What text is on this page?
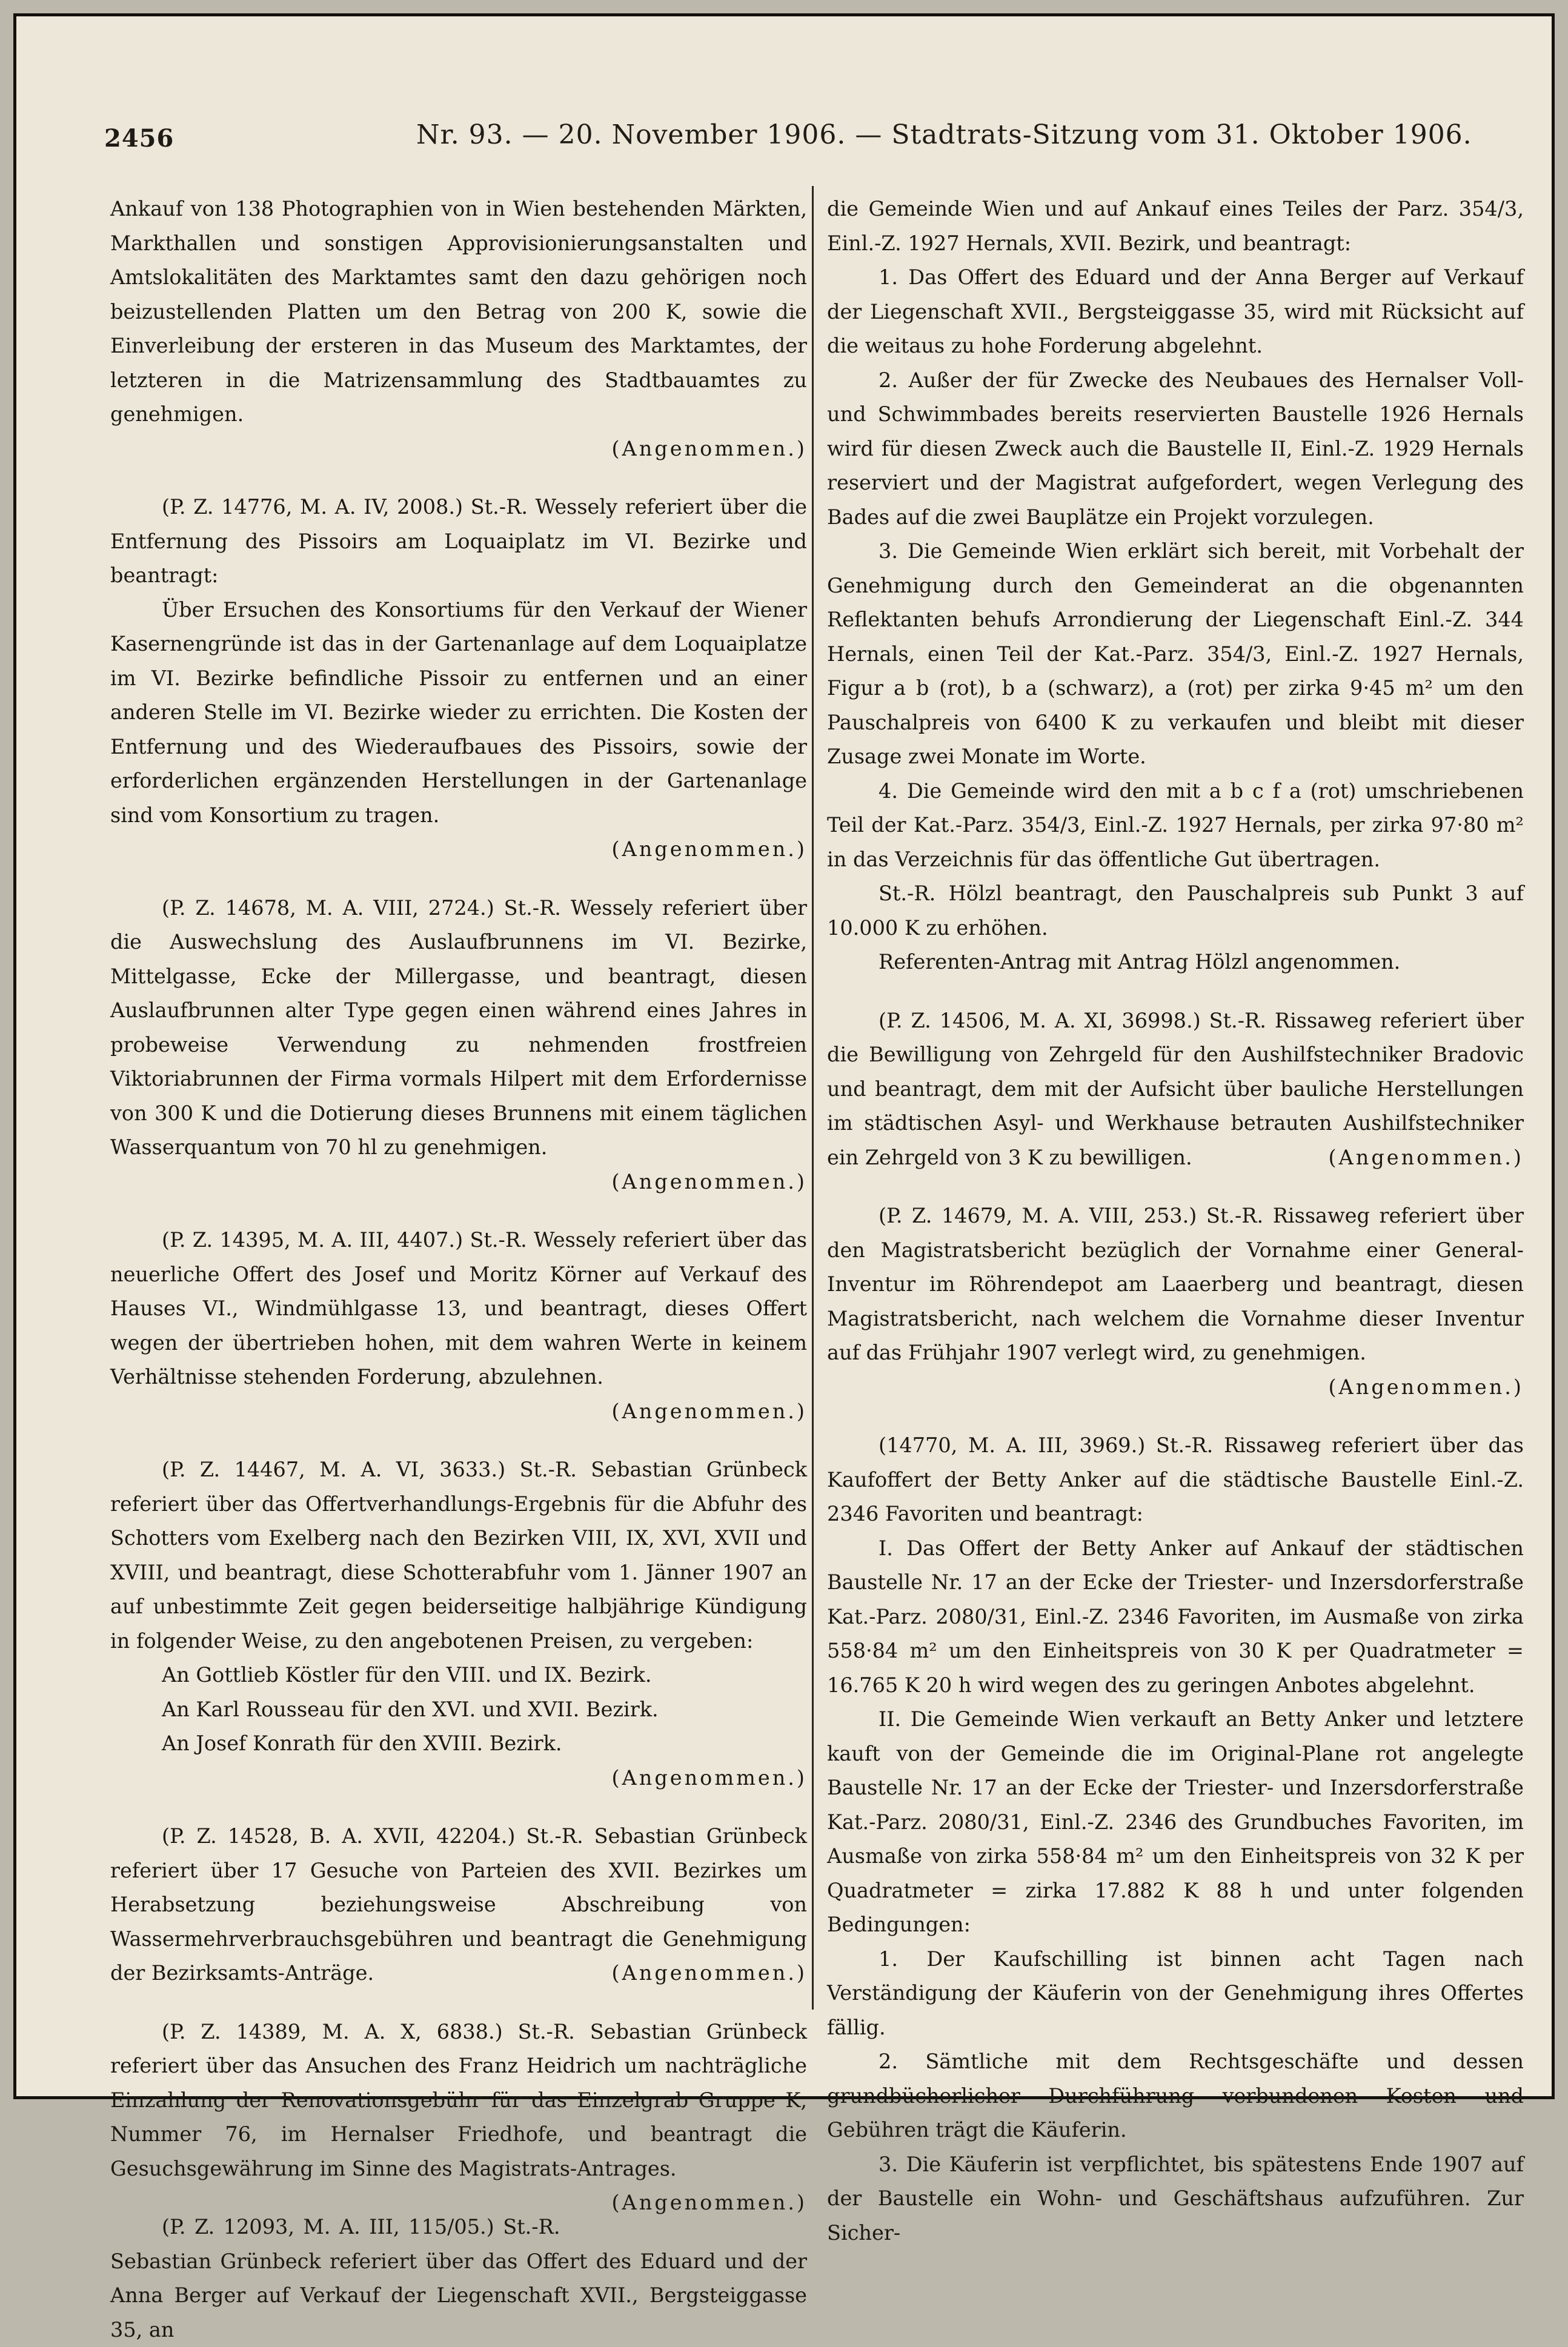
2456	Nr. 93. — 20. November 1906. — Stadtrats-Sitzung vom 31. Oktober 1906.

Ankauf von 138 Photographien von in Wien bestehenden Märkten, Markthallen und sonstigen Approvisionierungsanstalten und Amtslokalitäten des Marktamtes samt den dazu gehörigen noch beizustellenden Platten um den Betrag von 200 K, sowie die Einverleibung der ersteren in das Museum des Marktamtes, der letzteren in die Matrizensammlung des Stadtbauamtes zu genehmigen.

(Angenommen.)

(P. Z. 14776, M. A. IV, 2008.) St.-R. Wessely referiert über die Entfernung des Pissoirs am Loquaiplatz im VI. Bezirke und beantragt:

Über Ersuchen des Konsortiums für den Verkauf der Wiener Kasernengründe ist das in der Gartenanlage auf dem Loquaiplatze im VI. Bezirke befindliche Pissoir zu entfernen und an einer anderen Stelle im VI. Bezirke wieder zu errichten. Die Kosten der Entfernung und des Wiederaufbaues des Pissoirs, sowie der erforderlichen ergänzenden Herstellungen in der Gartenanlage sind vom Konsortium zu tragen.

(Angenommen.)

(P. Z. 14678, M. A. VIII, 2724.) St.-R. Wessely referiert über die Auswechslung des Auslaufbrunnens im VI. Bezirke, Mittelgasse, Ecke der Millergasse, und beantragt, diesen Auslaufbrunnen alter Type gegen einen während eines Jahres in probeweise Verwendung zu nehmenden frostfreien Viktoriabrunnen der Firma vormals Hilpert mit dem Erfordernisse von 300 K und die Dotierung dieses Brunnens mit einem täglichen Wasserquantum von 70 hl zu genehmigen.

(Angenommen.)

(P. Z. 14395, M. A. III, 4407.) St.-R. Wessely referiert über das neuerliche Offert des Josef und Moritz Körner auf Verkauf des Hauses VI., Windmühlgasse 13, und beantragt, dieses Offert wegen der übertrieben hohen, mit dem wahren Werte in keinem Verhältnisse stehenden Forderung, abzulehnen.

(Angenommen.)

(P. Z. 14467, M. A. VI, 3633.) St.-R. Sebastian Grünbeck referiert über das Offertverhandlungs-Ergebnis für die Abfuhr des Schotters vom Exelberg nach den Bezirken VIII, IX, XVI, XVII und XVIII, und beantragt, diese Schotterabfuhr vom 1. Jänner 1907 an auf unbestimmte Zeit gegen beiderseitige halbjährige Kündigung in folgender Weise, zu den angebotenen Preisen, zu vergeben:

An Gottlieb Köstler für den VIII. und IX. Bezirk.

An Karl Rousseau für den XVI. und XVII. Bezirk.

An Josef Konrath für den XVIII. Bezirk.

(Angenommen.)

(P. Z. 14528, B. A. XVII, 42204.) St.-R. Sebastian Grünbeck referiert über 17 Gesuche von Parteien des XVII. Bezirkes um Herabsetzung beziehungsweise Abschreibung von Wassermehrverbrauchsgebühren und beantragt die Genehmigung der Bezirksamts-Anträge.	(Angenommen.)

(P. Z. 14389, M. A. X, 6838.) St.-R. Sebastian Grünbeck referiert über das Ansuchen des Franz Heidrich um nachträgliche Einzahlung der Renovationsgebühr für das Einzelgrab Gruppe K, Nummer 76, im Hernalser Friedhofe, und beantragt die Gesuchsgewährung im Sinne des Magistrats-Antrages.
(Angenommen.)

(P. Z. 12093, M. A. III, 115/05.) St.-R. Sebastian Grünbeck referiert über das Offert des Eduard und der Anna Berger auf Verkauf der Liegenschaft XVII., Bergsteiggasse 35, an

die Gemeinde Wien und auf Ankauf eines Teiles der Parz. 354/3, Einl.-Z. 1927 Hernals, XVII. Bezirk, und beantragt:

1. Das Offert des Eduard und der Anna Berger auf Verkauf der Liegenschaft XVII., Bergsteiggasse 35, wird mit Rücksicht auf die weitaus zu hohe Forderung abgelehnt.

2. Außer der für Zwecke des Neubaues des Hernalser Voll- und Schwimmbades bereits reservierten Baustelle 1926 Hernals wird für diesen Zweck auch die Baustelle II, Einl.-Z. 1929 Hernals reserviert und der Magistrat aufgefordert, wegen Verlegung des Bades auf die zwei Bauplätze ein Projekt vorzulegen.

3. Die Gemeinde Wien erklärt sich bereit, mit Vorbehalt der Genehmigung durch den Gemeinderat an die obgenannten Reflektanten behufs Arrondierung der Liegenschaft Einl.-Z. 344 Hernals, einen Teil der Kat.-Parz. 354/3, Einl.-Z. 1927 Hernals, Figur a b (rot), b a (schwarz), a (rot) per zirka 9·45 m² um den Pauschalpreis von 6400 K zu verkaufen und bleibt mit dieser Zusage zwei Monate im Worte.

4. Die Gemeinde wird den mit a b c f a (rot) umschriebenen Teil der Kat.-Parz. 354/3, Einl.-Z. 1927 Hernals, per zirka 97·80 m² in das Verzeichnis für das öffentliche Gut übertragen.

St.-R. Hölzl beantragt, den Pauschalpreis sub Punkt 3 auf 10.000 K zu erhöhen.

Referenten-Antrag mit Antrag Hölzl angenommen.

(P. Z. 14506, M. A. XI, 36998.) St.-R. Rissaweg referiert über die Bewilligung von Zehrgeld für den Aushilfstechniker Bradovic und beantragt, dem mit der Aufsicht über bauliche Herstellungen im städtischen Asyl- und Werkhause betrauten Aushilfstechniker ein Zehrgeld von 3 K zu bewilligen.	(Angenommen.)

(P. Z. 14679, M. A. VIII, 253.) St.-R. Rissaweg referiert über den Magistratsbericht bezüglich der Vornahme einer General-Inventur im Röhrendepot am Laaerberg und beantragt, diesen Magistratsbericht, nach welchem die Vornahme dieser Inventur auf das Frühjahr 1907 verlegt wird, zu genehmigen.

(Angenommen.)

(14770, M. A. III, 3969.) St.-R. Rissaweg referiert über das Kaufoffert der Betty Anker auf die städtische Baustelle Einl.-Z. 2346 Favoriten und beantragt:

I. Das Offert der Betty Anker auf Ankauf der städtischen Baustelle Nr. 17 an der Ecke der Triester- und Inzersdorferstraße Kat.-Parz. 2080/31, Einl.-Z. 2346 Favoriten, im Ausmaße von zirka 558·84 m² um den Einheitspreis von 30 K per Quadratmeter = 16.765 K 20 h wird wegen des zu geringen Anbotes abgelehnt.

II. Die Gemeinde Wien verkauft an Betty Anker und letztere kauft von der Gemeinde die im Original-Plane rot angelegte Baustelle Nr. 17 an der Ecke der Triester- und Inzersdorferstraße Kat.-Parz. 2080/31, Einl.-Z. 2346 des Grundbuches Favoriten, im Ausmaße von zirka 558·84 m² um den Einheitspreis von 32 K per Quadratmeter = zirka 17.882 K 88 h und unter folgenden Bedingungen:

1. Der Kaufschilling ist binnen acht Tagen nach Verständigung der Käuferin von der Genehmigung ihres Offertes fällig.

2. Sämtliche mit dem Rechtsgeschäfte und dessen grundbücherlicher Durchführung verbundenen Kosten und Gebühren trägt die Käuferin.

3. Die Käuferin ist verpflichtet, bis spätestens Ende 1907 auf der Baustelle ein Wohn- und Geschäftshaus aufzuführen. Zur Sicher-
